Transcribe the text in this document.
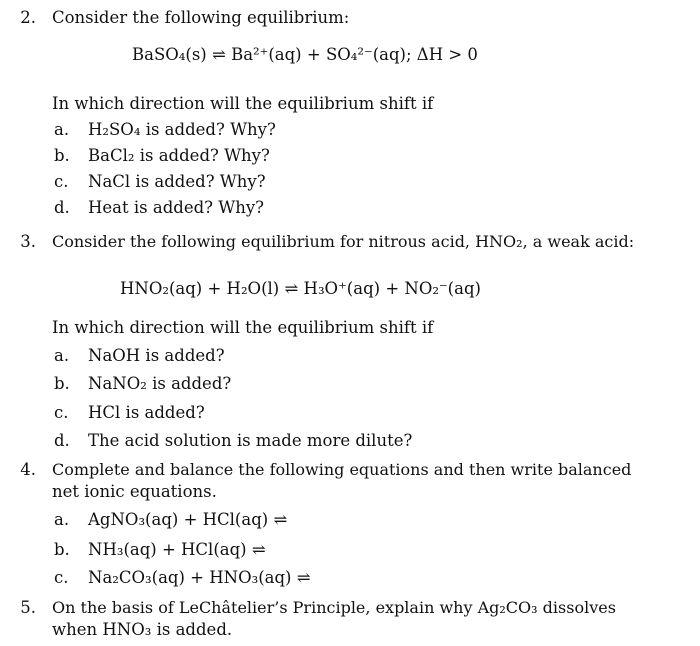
2. Consider the following equilibrium:
BaSO₄(s) ⇌ Ba²⁺(aq) + SO₄²⁻(aq); ΔH > 0
In which direction will the equilibrium shift if
a.	H₂SO₄ is added? Why?
b.	BaCl₂ is added? Why?
c.	NaCl is added? Why?
d.	Heat is added? Why?
3. Consider the following equilibrium for nitrous acid, HNO₂, a weak acid:
HNO₂(aq) + H₂O(l) ⇌ H₃O⁺(aq) + NO₂⁻(aq)
In which direction will the equilibrium shift if
a.	NaOH is added?
b.	NaNO₂ is added?
c.	HCl is added?
d.	The acid solution is made more dilute?
4. Complete and balance the following equations and then write balanced
net ionic equations.
a.	AgNO₃(aq) + HCl(aq) ⇌
b.	NH₃(aq) + HCl(aq) ⇌
c.	Na₂CO₃(aq) + HNO₃(aq) ⇌
5. On the basis of LeChâtelier’s Principle, explain why Ag₂CO₃ dissolves
when HNO₃ is added.
